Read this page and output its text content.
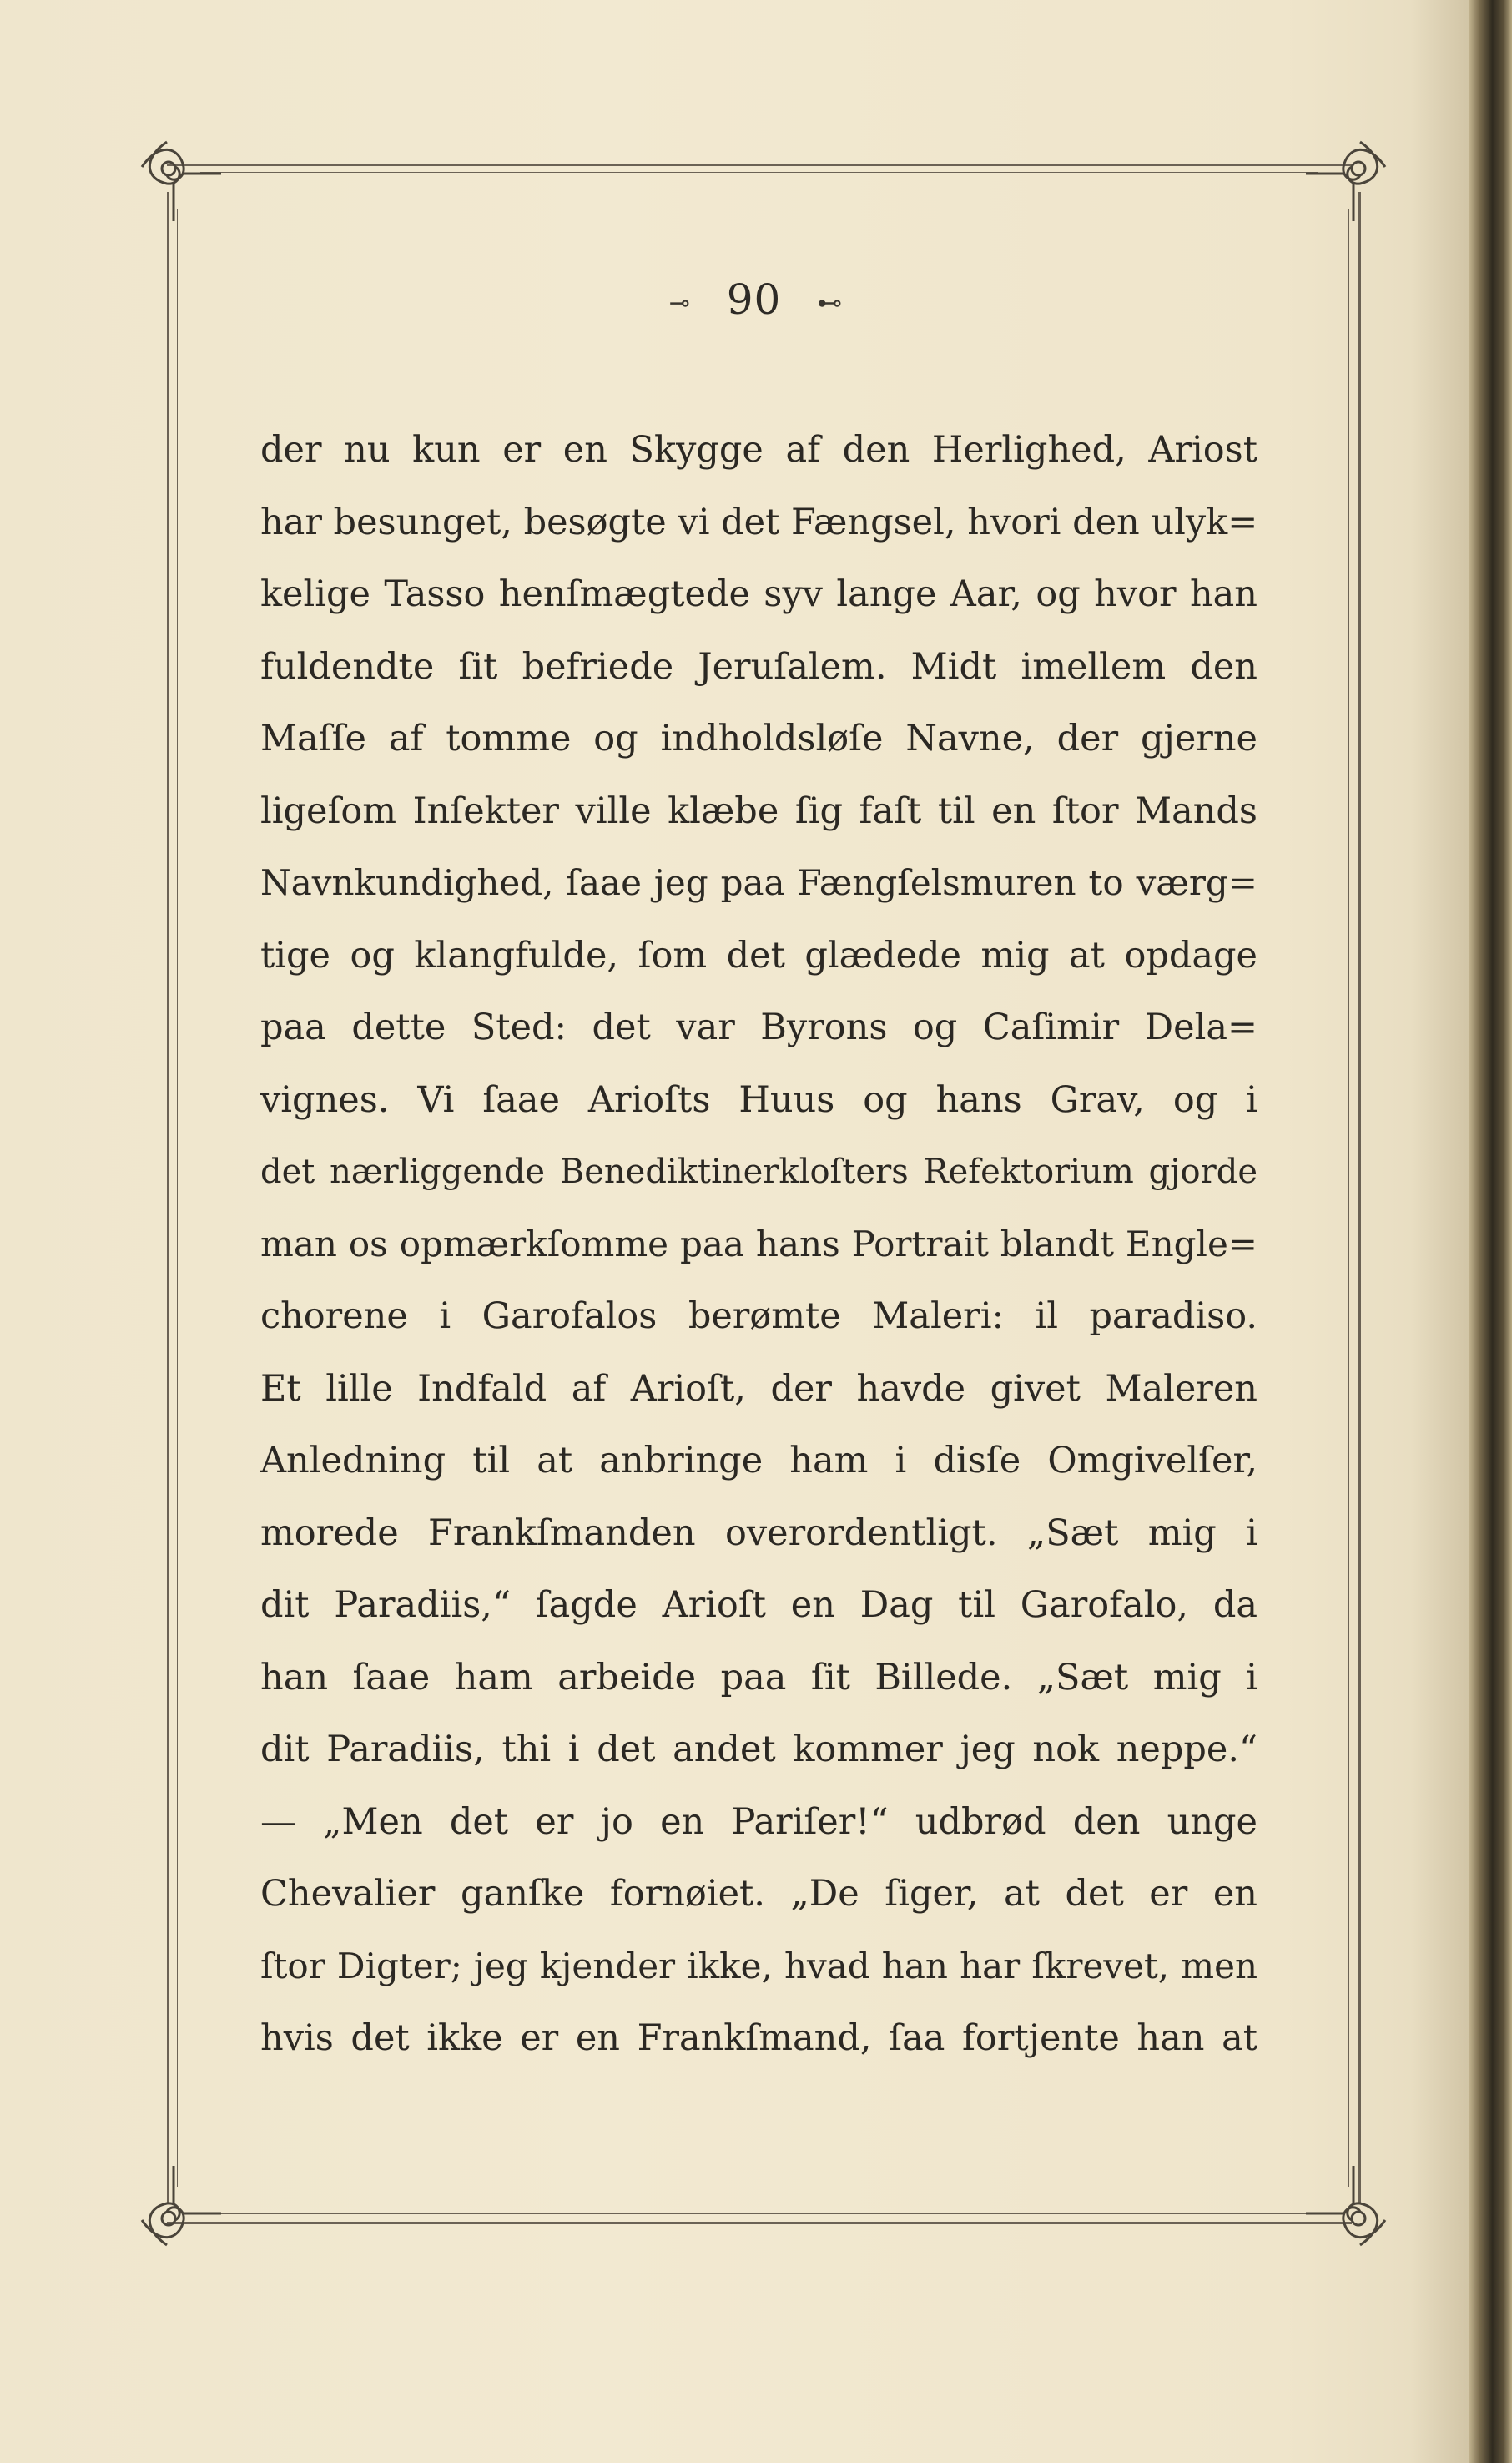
⊸ 90 ⊷
der nu kun er en Skygge af den Herlighed, Ariost
har besunget, besøgte vi det Fængsel, hvori den ulyk=
kelige Tasso henſmægtede syv lange Aar, og hvor han
fuldendte ſit befriede Jeruſalem. Midt imellem den
Maſſe af tomme og indholdsløſe Navne, der gjerne
ligeſom Inſekter ville klæbe ſig faſt til en ſtor Mands
Navnkundighed, ſaae jeg paa Fængſelsmuren to værg=
tige og klangfulde, ſom det glædede mig at opdage
paa dette Sted: det var Byrons og Caſimir Dela=
vignes. Vi ſaae Arioſts Huus og hans Grav, og i
det nærliggende Benediktinerkloſters Refektorium gjorde
man os opmærkſomme paa hans Portrait blandt Engle=
chorene i Garofalos berømte Maleri: il paradiso.
Et lille Indfald af Arioſt, der havde givet Maleren
Anledning til at anbringe ham i disſe Omgivelſer,
morede Frankſmanden overordentligt. „Sæt mig i
dit Paradiis,“ ſagde Arioſt en Dag til Garofalo, da
han ſaae ham arbeide paa ſit Billede. „Sæt mig i
dit Paradiis, thi i det andet kommer jeg nok neppe.“
— „Men det er jo en Pariſer!“ udbrød den unge
Chevalier ganſke fornøiet. „De ſiger, at det er en
ſtor Digter; jeg kjender ikke, hvad han har ſkrevet, men
hvis det ikke er en Frankſmand, ſaa fortjente han at
